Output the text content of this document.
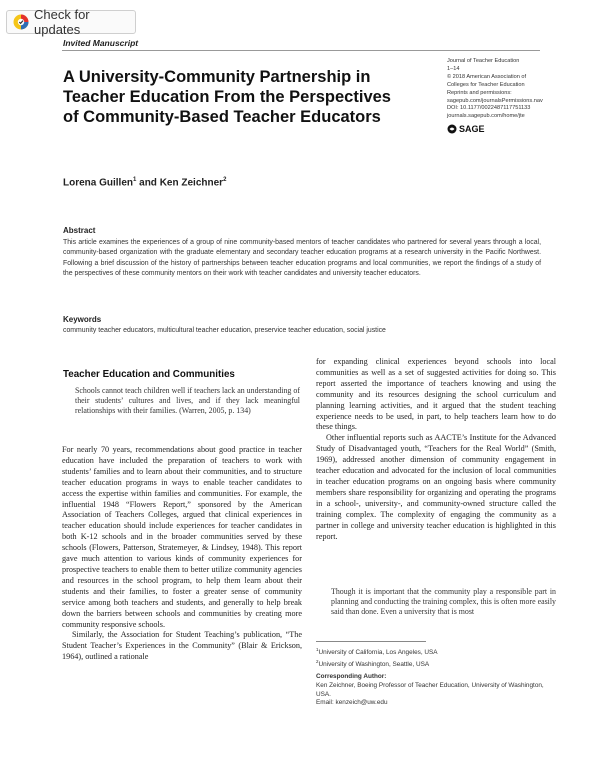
Check for updates
Invited Manuscript
A University-Community Partnership in Teacher Education From the Perspectives of Community-Based Teacher Educators
Journal of Teacher Education
1–14
© 2018 American Association of
Colleges for Teacher Education
Reprints and permissions:
sagepub.com/journalsPermissions.nav
DOI: 10.1177/0022487117751133
journals.sagepub.com/home/jte
SAGE
Lorena Guillen$^1$ and Ken Zeichner$^2$
Abstract

This article examines the experiences of a group of nine community-based mentors of teacher candidates who partnered for several years through a local, community-based organization with the graduate elementary and secondary teacher education programs at a research university in the Pacific Northwest. Following a brief discussion of the history of partnerships between teacher education programs and local communities, we report the findings of a study of the perspectives of these community mentors on their work with teacher candidates and university teacher educators.

Keywords

community teacher educators, multicultural teacher education, preservice teacher education, social justice

Teacher Education and Communities

Schools cannot teach children well if teachers lack an understanding of their students’ cultures and lives, and if they lack meaningful relationships with their families. (Warren, 2005, p. 134)

For nearly 70 years, recommendations about good practice in teacher education have included the preparation of teachers to work with students’ families and to learn about their communities, and to structure teacher education programs in ways to enable teacher candidates to access the expertise within families and communities. For example, the influential 1948 “Flowers Report,” sponsored by the American Association of Teachers Colleges, argued that clinical experiences in teacher education should include experiences for teacher candidates in both K-12 schools and in the broader communities served by these schools (Flowers, Patterson, Stratemeyer, & Lindsey, 1948). This report gave much attention to various kinds of community experiences for prospective teachers to enable them to better utilize community agencies and resources in the school program, to help them learn about their students and their families, to foster a greater sense of community service among both teachers and students, and generally to help break down the barriers between schools and communities by creating more community responsive schools.

Similarly, the Association for Student Teaching’s publication, “The Student Teacher’s Experiences in the Community” (Blair & Erickson, 1964), outlined a rationale

for expanding clinical experiences beyond schools into local communities as well as a set of suggested activities for doing so. This report asserted the importance of teachers knowing and using the community and its resources designing the school curriculum and planning learning activities, and it argued that the student teaching experience needs to be used, in part, to help teachers learn how to do these things.

Other influential reports such as AACTE’s Institute for the Advanced Study of Disadvantaged youth, “Teachers for the Real World” (Smith, 1969), addressed another dimension of community engagement in teacher education and advocated for the inclusion of local communities in teacher education programs on an ongoing basis where community members share responsibility for organizing and operating the programs in a school-, university-, and community-owned structure called the training complex. The complexity of engaging the community as a partner in college and university teacher education is highlighted in this report.

Though it is important that the community play a responsible part in planning and conducting the training complex, this is often more easily said than done. Even a university that is most

$^1$University of California, Los Angeles, USA
$^2$University of Washington, Seattle, USA
Corresponding Author:
Ken Zeichner, Boeing Professor of Teacher Education, University of Washington, USA.
Email: kenzeich@uw.edu
